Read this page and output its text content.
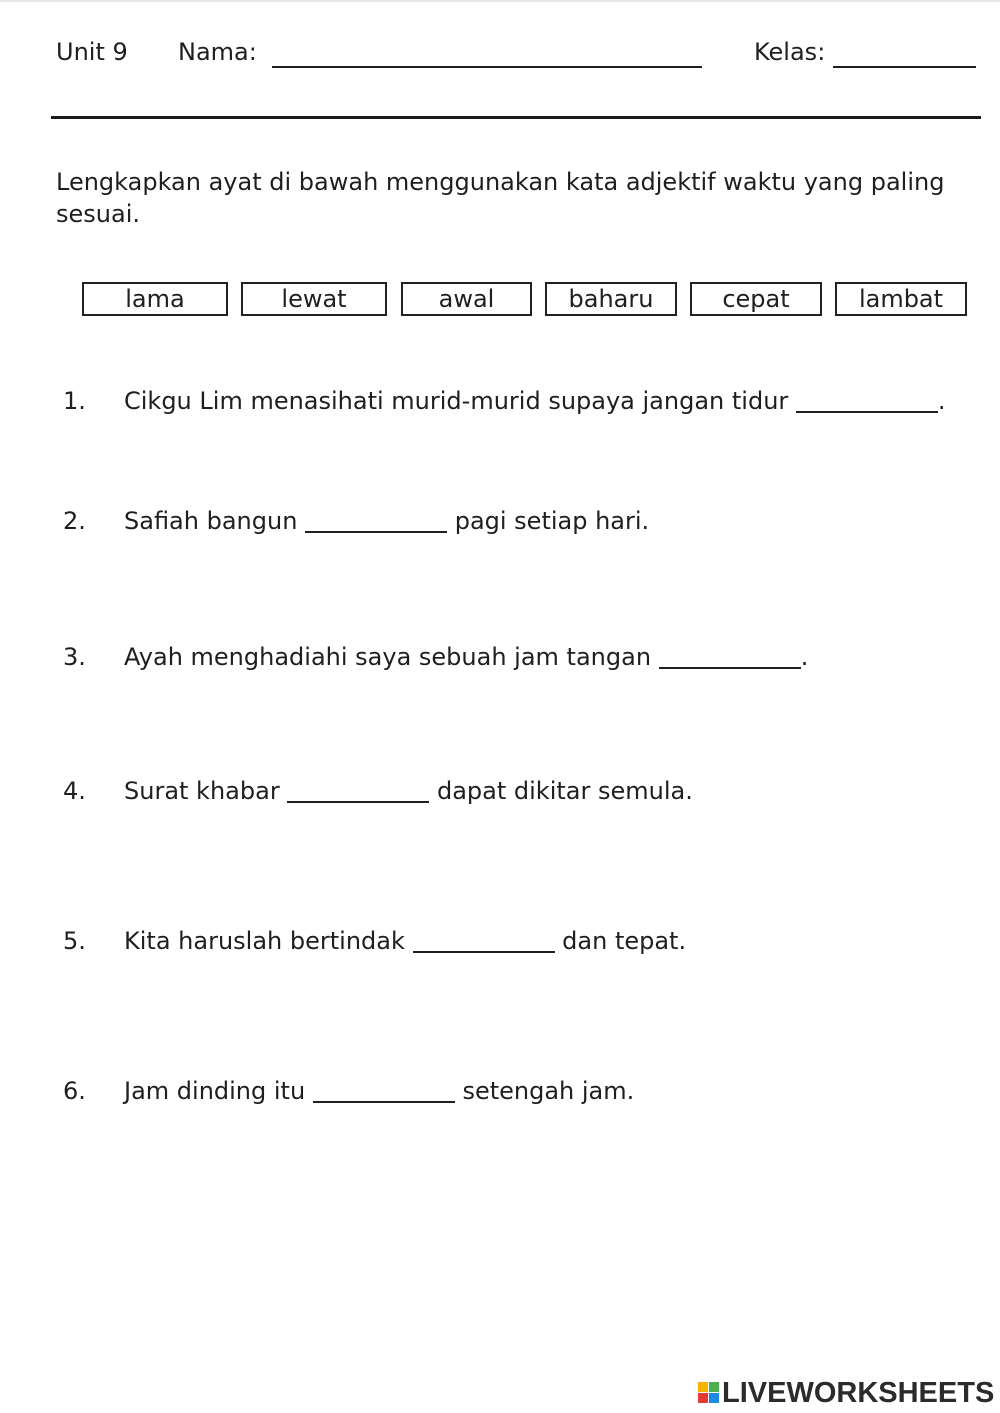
Unit 9 Nama:	Kelas:
Lengkapkan ayat di bawah menggunakan kata adjektif waktu yang paling sesuai.
lama	lewat	awal	baharu	cepat	lambat
1. Cikgu Lim menasihati murid-murid supaya jangan tidur	.
2. Safiah bangun	pagi setiap hari.
3. Ayah menghadiahi saya sebuah jam tangan	.
4. Surat khabar	dapat dikitar semula.
5. Kita haruslah bertindak	dan tepat.
6. Jam dinding itu	setengah jam.
LIVEWORKSHEETS
